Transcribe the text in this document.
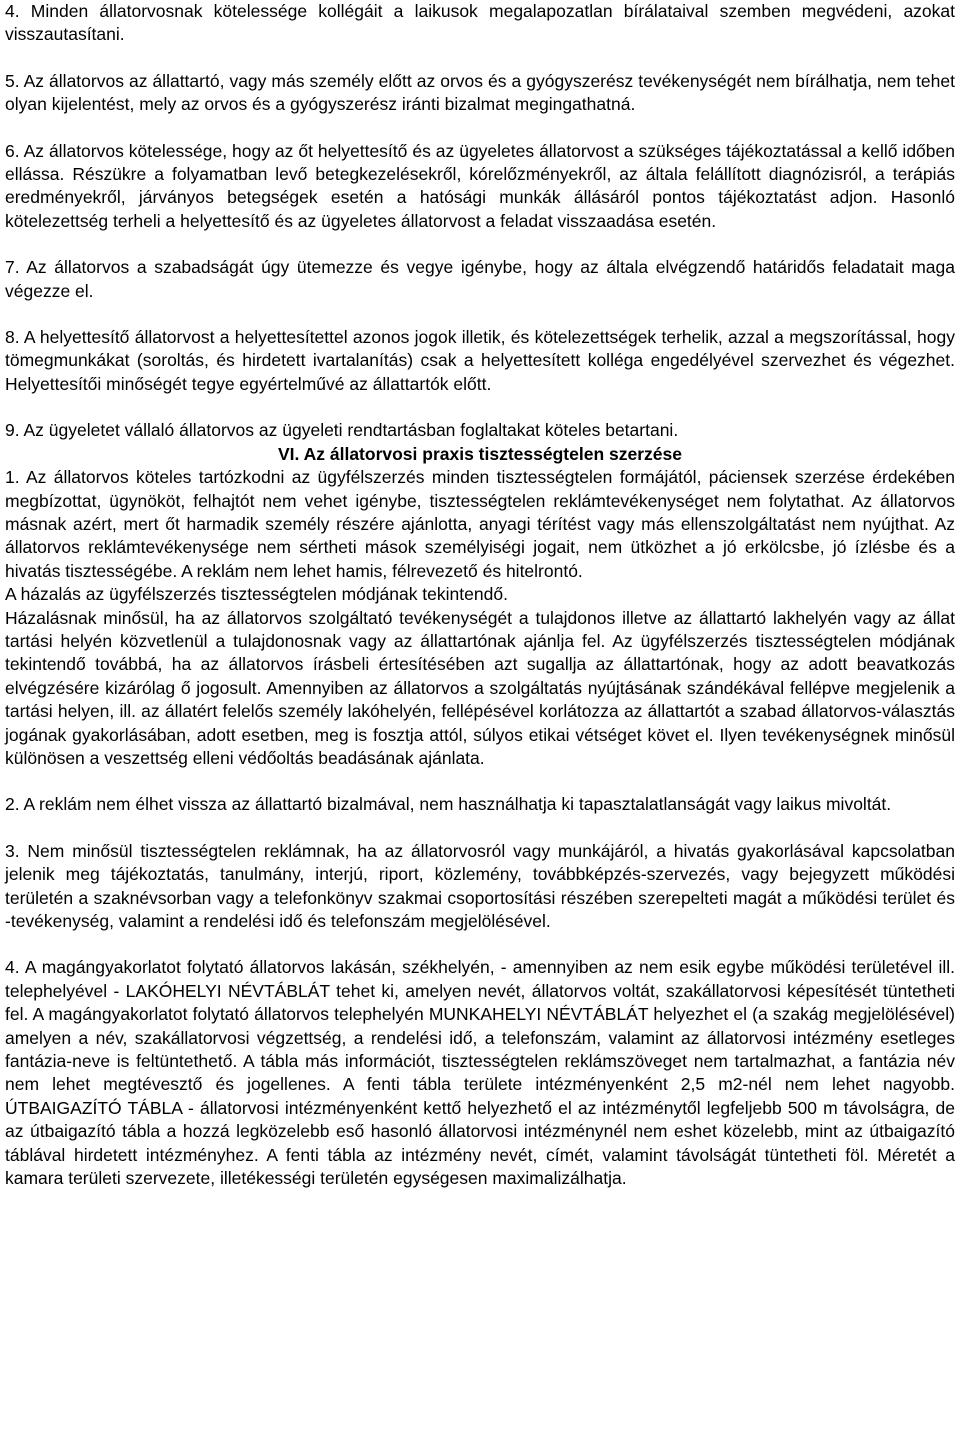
4. Minden állatorvosnak kötelessége kollégáit a laikusok megalapozatlan bírálataival szemben megvédeni, azokat visszautasítani.

5. Az állatorvos az állattartó, vagy más személy előtt az orvos és a gyógyszerész tevékenységét nem bírálhatja, nem tehet olyan kijelentést, mely az orvos és a gyógyszerész iránti bizalmat megingathatná.

6. Az állatorvos kötelessége, hogy az őt helyettesítő és az ügyeletes állatorvost a szükséges tájékoztatással a kellő időben ellássa. Részükre a folyamatban levő betegkezelésekről, kórelőzményekről, az általa felállított diagnózisról, a terápiás eredményekről, járványos betegségek esetén a hatósági munkák állásáról pontos tájékoztatást adjon. Hasonló kötelezettség terheli a helyettesítő és az ügyeletes állatorvost a feladat visszaadása esetén.

7. Az állatorvos a szabadságát úgy ütemezze és vegye igénybe, hogy az általa elvégzendő határidős feladatait maga végezze el.

8. A helyettesítő állatorvost a helyettesítettel azonos jogok illetik, és kötelezettségek terhelik, azzal a megszorítással, hogy tömegmunkákat (soroltás, és hirdetett ivartalanítás) csak a helyettesített kolléga engedélyével szervezhet és végezhet. Helyettesítői minőségét tegye egyértelművé az állattartók előtt.

9. Az ügyeletet vállaló állatorvos az ügyeleti rendtartásban foglaltakat köteles betartani.

VI. Az állatorvosi praxis tisztességtelen szerzése

1. Az állatorvos köteles tartózkodni az ügyfélszerzés minden tisztességtelen formájától, páciensek szerzése érdekében megbízottat, ügynököt, felhajtót nem vehet igénybe, tisztességtelen reklámtevékenységet nem folytathat. Az állatorvos másnak azért, mert őt harmadik személy részére ajánlotta, anyagi térítést vagy más ellenszolgáltatást nem nyújthat. Az állatorvos reklámtevékenysége nem sértheti mások személyiségi jogait, nem ütközhet a jó erkölcsbe, jó ízlésbe és a hivatás tisztességébe. A reklám nem lehet hamis, félrevezető és hitelrontó.

A házalás az ügyfélszerzés tisztességtelen módjának tekintendő.

Házalásnak minősül, ha az állatorvos szolgáltató tevékenységét a tulajdonos illetve az állattartó lakhelyén vagy az állat tartási helyén közvetlenül a tulajdonosnak vagy az állattartónak ajánlja fel. Az ügyfélszerzés tisztességtelen módjának tekintendő továbbá, ha az állatorvos írásbeli értesítésében azt sugallja az állattartónak, hogy az adott beavatkozás elvégzésére kizárólag ő jogosult. Amennyiben az állatorvos a szolgáltatás nyújtásának szándékával fellépve megjelenik a tartási helyen, ill. az állatért felelős személy lakóhelyén, fellépésével korlátozza az állattartót a szabad állatorvos-választás jogának gyakorlásában, adott esetben, meg is fosztja attól, súlyos etikai vétséget követ el. Ilyen tevékenységnek minősül különösen a veszettség elleni védőoltás beadásának ajánlata.

2. A reklám nem élhet vissza az állattartó bizalmával, nem használhatja ki tapasztalatlanságát vagy laikus mivoltát.

3. Nem minősül tisztességtelen reklámnak, ha az állatorvosról vagy munkájáról, a hivatás gyakorlásával kapcsolatban jelenik meg tájékoztatás, tanulmány, interjú, riport, közlemény, továbbképzés-szervezés, vagy bejegyzett működési területén a szaknévsorban vagy a telefonkönyv szakmai csoportosítási részében szerepelteti magát a működési terület és -tevékenység, valamint a rendelési idő és telefonszám megjelölésével.

4. A magángyakorlatot folytató állatorvos lakásán, székhelyén, - amennyiben az nem esik egybe működési területével ill. telephelyével - LAKÓHELYI NÉVTÁBLÁT tehet ki, amelyen nevét, állatorvos voltát, szakállatorvosi képesítését tüntetheti fel. A magángyakorlatot folytató állatorvos telephelyén MUNKAHELYI NÉVTÁBLÁT helyezhet el (a szakág megjelölésével) amelyen a név, szakállatorvosi végzettség, a rendelési idő, a telefonszám, valamint az állatorvosi intézmény esetleges fantázia-neve is feltüntethető. A tábla más információt, tisztességtelen reklámszöveget nem tartalmazhat, a fantázia név nem lehet megtévesztő és jogellenes. A fenti tábla területe intézményenként 2,5 m2-nél nem lehet nagyobb. ÚTBAIGAZÍTÓ TÁBLA - állatorvosi intézményenként kettő helyezhető el az intézménytől legfeljebb 500 m távolságra, de az útbaigazító tábla a hozzá legközelebb eső hasonló állatorvosi intézménynél nem eshet közelebb, mint az útbaigazító táblával hirdetett intézményhez. A fenti tábla az intézmény nevét, címét, valamint távolságát tüntetheti föl. Méretét a kamara területi szervezete, illetékességi területén egységesen maximalizálhatja.
